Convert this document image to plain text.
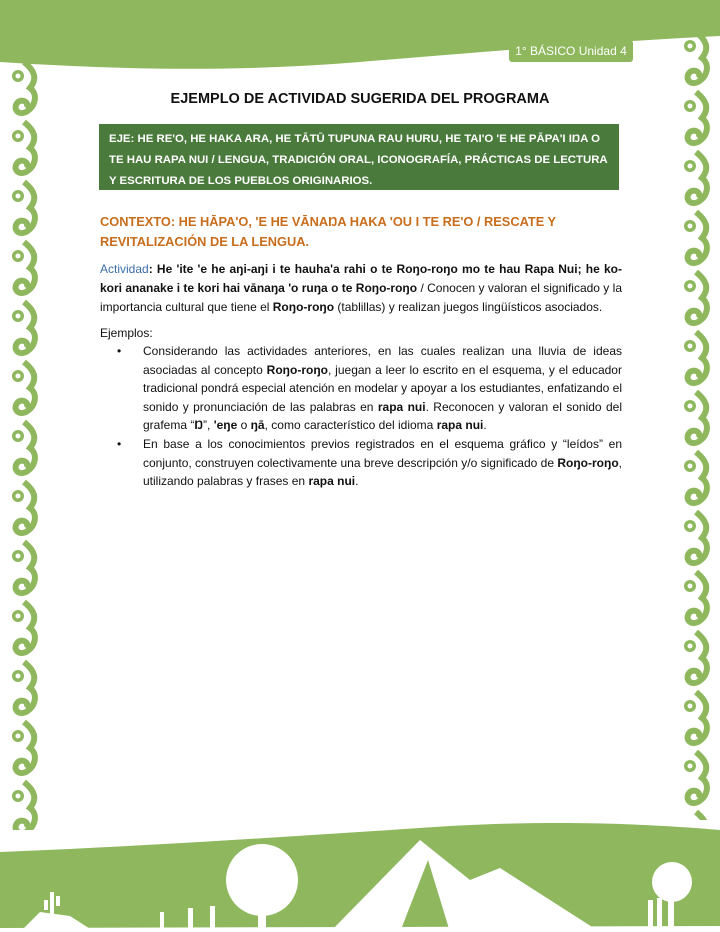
1° BÁSICO Unidad 4
EJEMPLO DE ACTIVIDAD SUGERIDA DEL PROGRAMA
EJE: HE RE'O, HE HAKA ARA, HE TĀTŪ TUPUNA RAU HURU, HE TAI'O 'E HE PĀPA'I IŊA O TE HAU RAPA NUI / LENGUA, TRADICIÓN ORAL, ICONOGRAFÍA, PRÁCTICAS DE LECTURA Y ESCRITURA DE LOS PUEBLOS ORIGINARIOS.
CONTEXTO: HE HĀPA'O, 'E HE VĀNAŊA HAKA 'OU I TE RE'O / RESCATE Y REVITALIZACIÓN DE LA LENGUA.
Actividad: He 'ite 'e he aŋi-aŋi i te hauha'a rahi o te Roŋo-roŋo mo te hau Rapa Nui; he ko-kori ananake i te kori hai vānaŋa 'o ruŋa o te Roŋo-roŋo / Conocen y valoran el significado y la importancia cultural que tiene el Roŋo-roŋo (tablillas) y realizan juegos lingüísticos asociados.
Ejemplos:
• Considerando las actividades anteriores, en las cuales realizan una lluvia de ideas asociadas al concepto Roŋo-roŋo, juegan a leer lo escrito en el esquema, y el educador tradicional pondrá especial atención en modelar y apoyar a los estudiantes, enfatizando el sonido y pronunciación de las palabras en rapa nui. Reconocen y valoran el sonido del grafema “Ŋ”, 'eŋe o ŋā, como característico del idioma rapa nui.
• En base a los conocimientos previos registrados en el esquema gráfico y “leídos” en conjunto, construyen colectivamente una breve descripción y/o significado de Roŋo-roŋo, utilizando palabras y frases en rapa nui.
